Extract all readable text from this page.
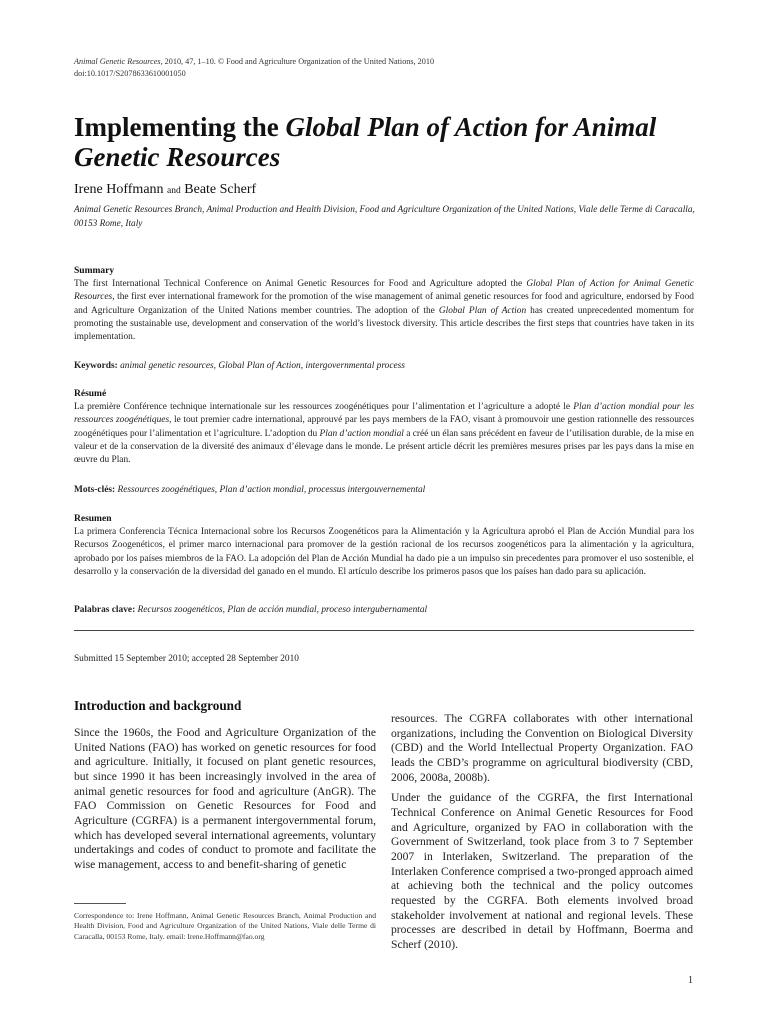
Animal Genetic Resources, 2010, 47, 1–10. © Food and Agriculture Organization of the United Nations, 2010
doi:10.1017/S2078633610001050
Implementing the Global Plan of Action for Animal
Genetic Resources
Irene Hoffmann and Beate Scherf
Animal Genetic Resources Branch, Animal Production and Health Division, Food and Agriculture Organization of the United Nations, Viale delle Terme di Caracalla, 00153 Rome, Italy
Summary
The first International Technical Conference on Animal Genetic Resources for Food and Agriculture adopted the Global Plan of Action for Animal Genetic Resources, the first ever international framework for the promotion of the wise management of animal genetic resources for food and agriculture, endorsed by Food and Agriculture Organization of the United Nations member countries. The adoption of the Global Plan of Action has created unprecedented momentum for promoting the sustainable use, development and conservation of the world’s livestock diversity. This article describes the first steps that countries have taken in its implementation.
Keywords: animal genetic resources, Global Plan of Action, intergovernmental process
Résumé
La première Conférence technique internationale sur les ressources zoogénétiques pour l’alimentation et l’agriculture a adopté le Plan d’action mondial pour les ressources zoogénétiques, le tout premier cadre international, approuvé par les pays members de la FAO, visant à promouvoir une gestion rationnelle des ressources zoogénétiques pour l’alimentation et l’agriculture. L’adoption du Plan d’action mondial a créé un élan sans précédent en faveur de l’utilisation durable, de la mise en valeur et de la conservation de la diversité des animaux d’élevage dans le monde. Le présent article décrit les premières mesures prises par les pays dans la mise en œuvre du Plan.
Mots-clés: Ressources zoogénétiques, Plan d’action mondial, processus intergouvernemental
Resumen
La primera Conferencia Técnica Internacional sobre los Recursos Zoogenéticos para la Alimentación y la Agricultura aprobó el Plan de Acción Mundial para los Recursos Zoogenéticos, el primer marco internacional para promover de la gestión racional de los recursos zoogenéticos para la alimentación y la agricultura, aprobado por los países miembros de la FAO. La adopción del Plan de Acción Mundial ha dado pie a un impulso sin precedentes para promover el uso sostenible, el desarrollo y la conservación de la diversidad del ganado en el mundo. El artículo describe los primeros pasos que los países han dado para su aplicación.
Palabras clave: Recursos zoogenéticos, Plan de acción mundial, proceso intergubernamental
Submitted 15 September 2010; accepted 28 September 2010
Introduction and background

Since the 1960s, the Food and Agriculture Organization of the United Nations (FAO) has worked on genetic resources for food and agriculture. Initially, it focused on plant genetic resources, but since 1990 it has been increasingly involved in the area of animal genetic resources for food and agriculture (AnGR). The FAO Commission on Genetic Resources for Food and Agriculture (CGRFA) is a permanent intergovernmental forum, which has developed several international agreements, voluntary undertakings and codes of conduct to promote and facilitate the wise management, access to and benefit-sharing of genetic

resources. The CGRFA collaborates with other international organizations, including the Convention on Biological Diversity (CBD) and the World Intellectual Property Organization. FAO leads the CBD’s programme on agricultural biodiversity (CBD, 2006, 2008a, 2008b).

Under the guidance of the CGRFA, the first International Technical Conference on Animal Genetic Resources for Food and Agriculture, organized by FAO in collaboration with the Government of Switzerland, took place from 3 to 7 September 2007 in Interlaken, Switzerland. The preparation of the Interlaken Conference comprised a two-pronged approach aimed at achieving both the technical and the policy outcomes requested by the CGRFA. Both elements involved broad stakeholder involvement at national and regional levels. These processes are described in detail by Hoffmann, Boerma and Scherf (2010).

Correspondence to: Irene Hoffmann, Animal Genetic Resources Branch, Animal Production and Health Division, Food and Agriculture Organization of the United Nations, Viale delle Terme di Caracalla, 00153 Rome, Italy. email: Irene.Hoffmann@fao.org
1
